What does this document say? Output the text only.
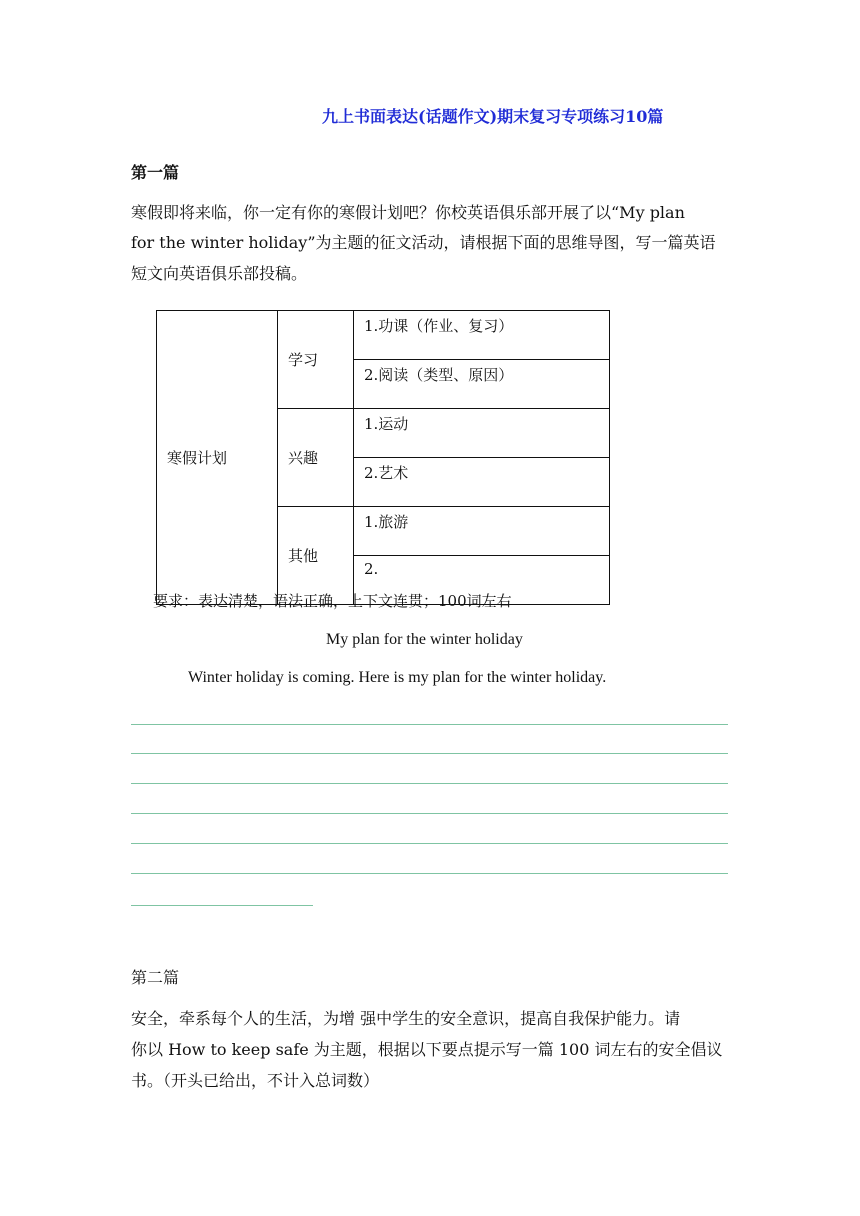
九上书面表达(话题作文)期末复习专项练习10篇
第一篇
寒假即将来临，你一定有你的寒假计划吧？你校英语俱乐部开展了以“My plan
for the winter holiday”为主题的征文活动，请根据下面的思维导图，写一篇英语
短文向英语俱乐部投稿。
寒假计划	学习	1.功课（作业、复习）
		2.阅读（类型、原因）
	兴趣	1.运动
		2.艺术
	其他	1.旅游
		2.
要求：表达清楚，语法正确，上下文连贯；100词左右
My plan for the winter holiday
Winter holiday is coming. Here is my plan for the winter holiday.
第二篇
安全，牵系每个人的生活，为增 强中学生的安全意识，提高自我保护能力。请
你以 How to keep safe 为主题，根据以下要点提示写一篇 100 词左右的安全倡议
书。（开头已给出，不计入总词数）
